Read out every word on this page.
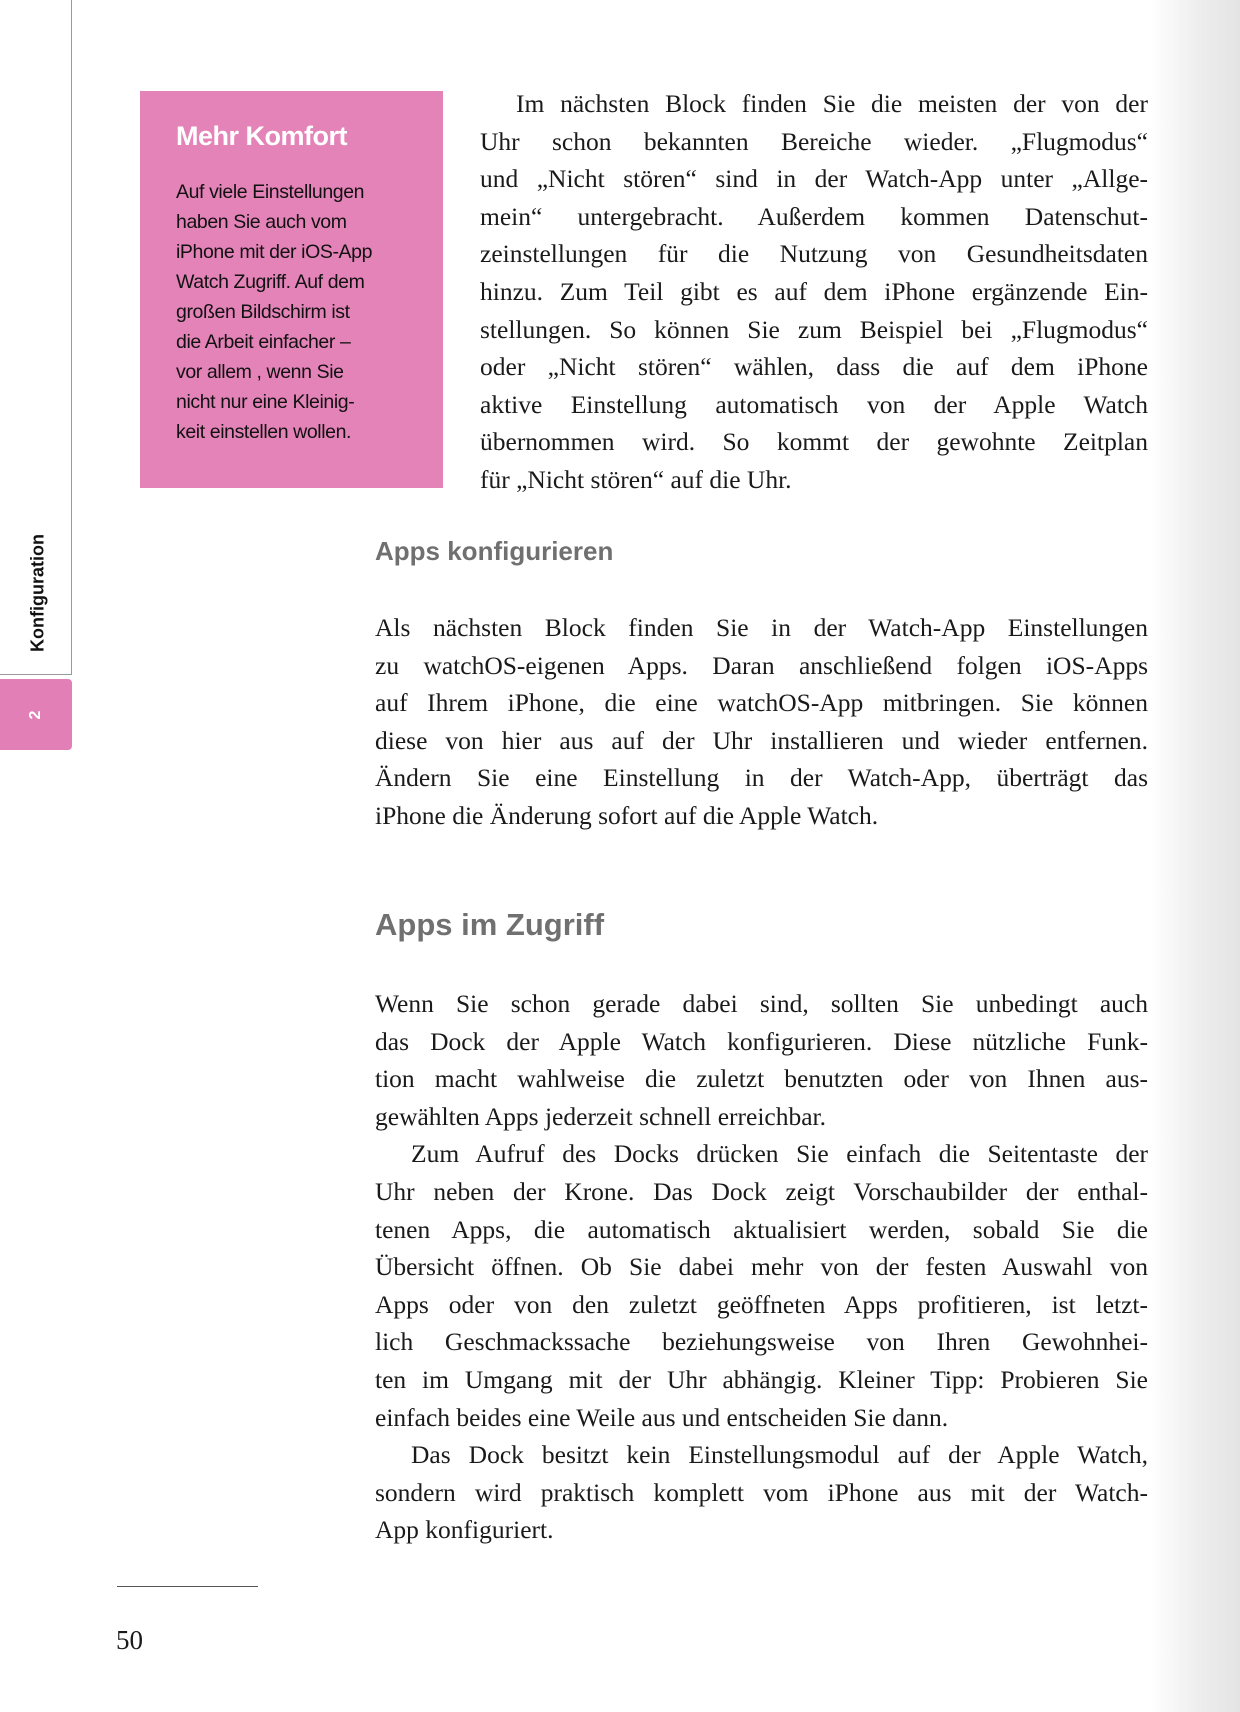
Konfiguration
2
Mehr Komfort
Auf viele Einstellungen
haben Sie auch vom
iPhone mit der iOS-App
Watch Zugriff. Auf dem
großen Bildschirm ist
die Arbeit einfacher –
vor allem , wenn Sie
nicht nur eine Kleinig-
keit einstellen wollen.
Im nächsten Block finden Sie die meisten der von der
Uhr schon bekannten Bereiche wieder. „Flugmodus“
und „Nicht stören“ sind in der Watch-App unter „Allge-
mein“ untergebracht. Außerdem kommen Datenschut-
zeinstellungen für die Nutzung von Gesundheitsdaten
hinzu. Zum Teil gibt es auf dem iPhone ergänzende Ein-
stellungen. So können Sie zum Beispiel bei „Flugmodus“
oder „Nicht stören“ wählen, dass die auf dem iPhone
aktive Einstellung automatisch von der Apple Watch
übernommen wird. So kommt der gewohnte Zeitplan
für „Nicht stören“ auf die Uhr.
Apps konfigurieren
Als nächsten Block finden Sie in der Watch-App Einstellungen
zu watchOS-eigenen Apps. Daran anschließend folgen iOS-Apps
auf Ihrem iPhone, die eine watchOS-App mitbringen. Sie können
diese von hier aus auf der Uhr installieren und wieder entfernen.
Ändern Sie eine Einstellung in der Watch-App, überträgt das
iPhone die Änderung sofort auf die Apple Watch.
Apps im Zugriff
Wenn Sie schon gerade dabei sind, sollten Sie unbedingt auch
das Dock der Apple Watch konfigurieren. Diese nützliche Funk-
tion macht wahlweise die zuletzt benutzten oder von Ihnen aus-
gewählten Apps jederzeit schnell erreichbar.
Zum Aufruf des Docks drücken Sie einfach die Seitentaste der
Uhr neben der Krone. Das Dock zeigt Vorschaubilder der enthal-
tenen Apps, die automatisch aktualisiert werden, sobald Sie die
Übersicht öffnen. Ob Sie dabei mehr von der festen Auswahl von
Apps oder von den zuletzt geöffneten Apps profitieren, ist letzt-
lich Geschmackssache beziehungsweise von Ihren Gewohnhei-
ten im Umgang mit der Uhr abhängig. Kleiner Tipp: Probieren Sie
einfach beides eine Weile aus und entscheiden Sie dann.
Das Dock besitzt kein Einstellungsmodul auf der Apple Watch,
sondern wird praktisch komplett vom iPhone aus mit der Watch-
App konfiguriert.
50
